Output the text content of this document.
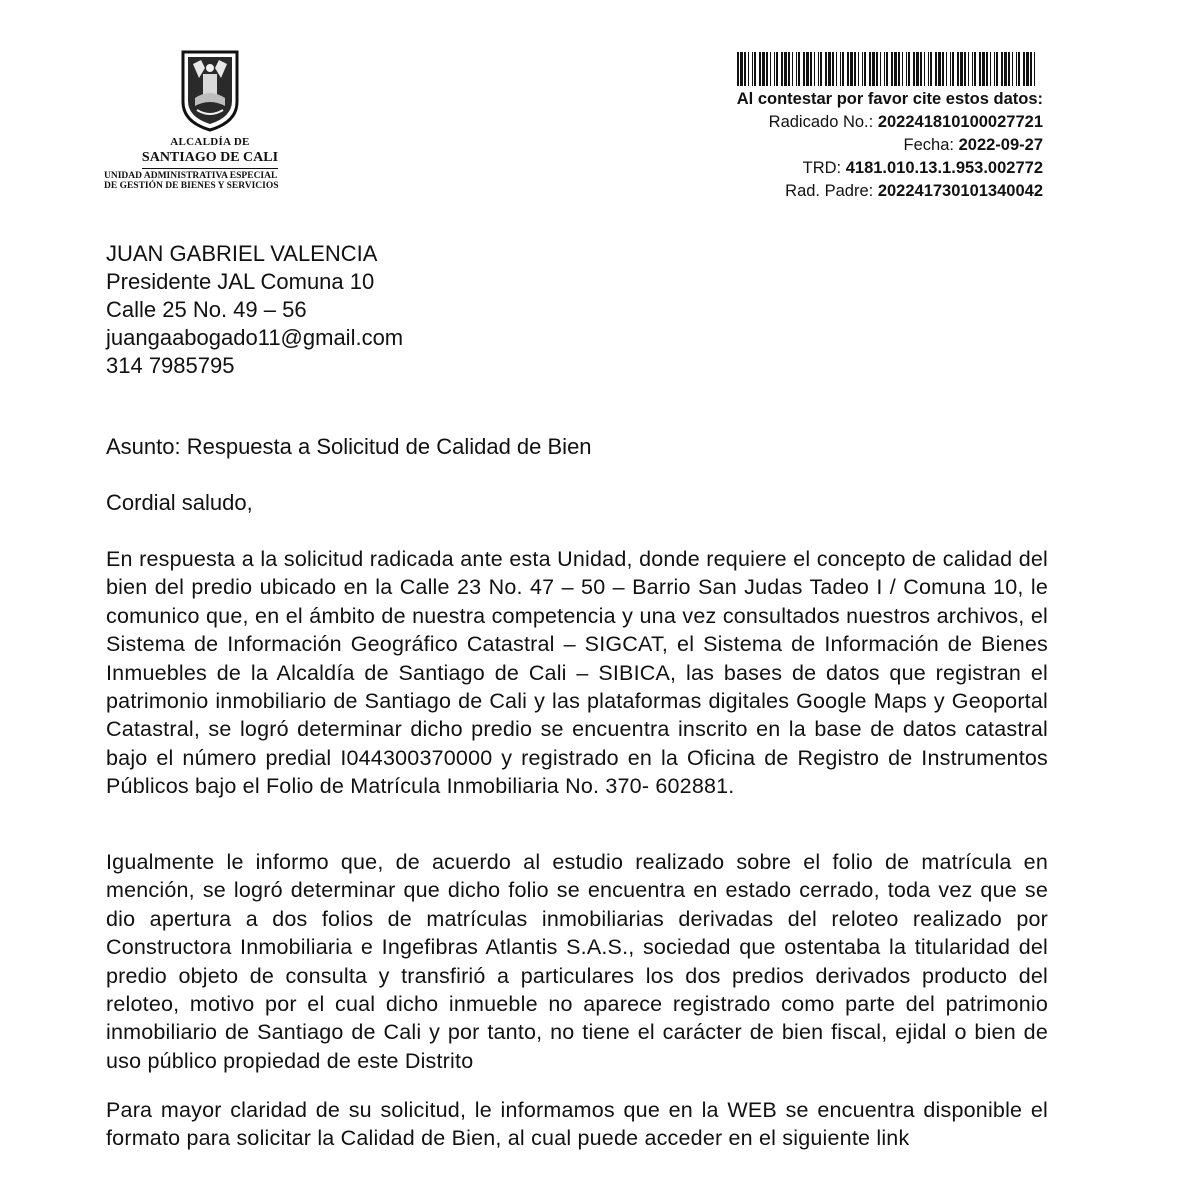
ALCALDÍA DE
SANTIAGO DE CALI
UNIDAD ADMINISTRATIVA ESPECIAL
DE GESTIÓN DE BIENES Y SERVICIOS
Al contestar por favor cite estos datos:
Radicado No.: 202241810100027721
Fecha: 2022-09-27
TRD: 4181.010.13.1.953.002772
Rad. Padre: 202241730101340042
JUAN GABRIEL VALENCIA
Presidente JAL Comuna 10
Calle 25 No. 49 – 56
juangaabogado11@gmail.com
314 7985795
Asunto: Respuesta a Solicitud de Calidad de Bien
Cordial saludo,
En respuesta a la solicitud radicada ante esta Unidad, donde requiere el concepto de calidad del bien del predio ubicado en la Calle 23 No. 47 – 50 – Barrio San Judas Tadeo I / Comuna 10, le comunico que, en el ámbito de nuestra competencia y una vez consultados nuestros archivos, el Sistema de Información Geográfico Catastral – SIGCAT, el Sistema de Información de Bienes Inmuebles de la Alcaldía de Santiago de Cali – SIBICA, las bases de datos que registran el patrimonio inmobiliario de Santiago de Cali y las plataformas digitales Google Maps y Geoportal Catastral, se logró determinar dicho predio se encuentra inscrito en la base de datos catastral bajo el número predial I044300370000 y registrado en la Oficina de Registro de Instrumentos Públicos bajo el Folio de Matrícula Inmobiliaria No. 370- 602881.
Igualmente le informo que, de acuerdo al estudio realizado sobre el folio de matrícula en mención, se logró determinar que dicho folio se encuentra en estado cerrado, toda vez que se dio apertura a dos folios de matrículas inmobiliarias derivadas del reloteo realizado por Constructora Inmobiliaria e Ingefibras Atlantis S.A.S., sociedad que ostentaba la titularidad del predio objeto de consulta y transfirió a particulares los dos predios derivados producto del reloteo, motivo por el cual dicho inmueble no aparece registrado como parte del patrimonio inmobiliario de Santiago de Cali y por tanto, no tiene el carácter de bien fiscal, ejidal o bien de uso público propiedad de este Distrito
Para mayor claridad de su solicitud, le informamos que en la WEB se encuentra disponible el formato para solicitar la Calidad de Bien, al cual puede acceder en el siguiente link
